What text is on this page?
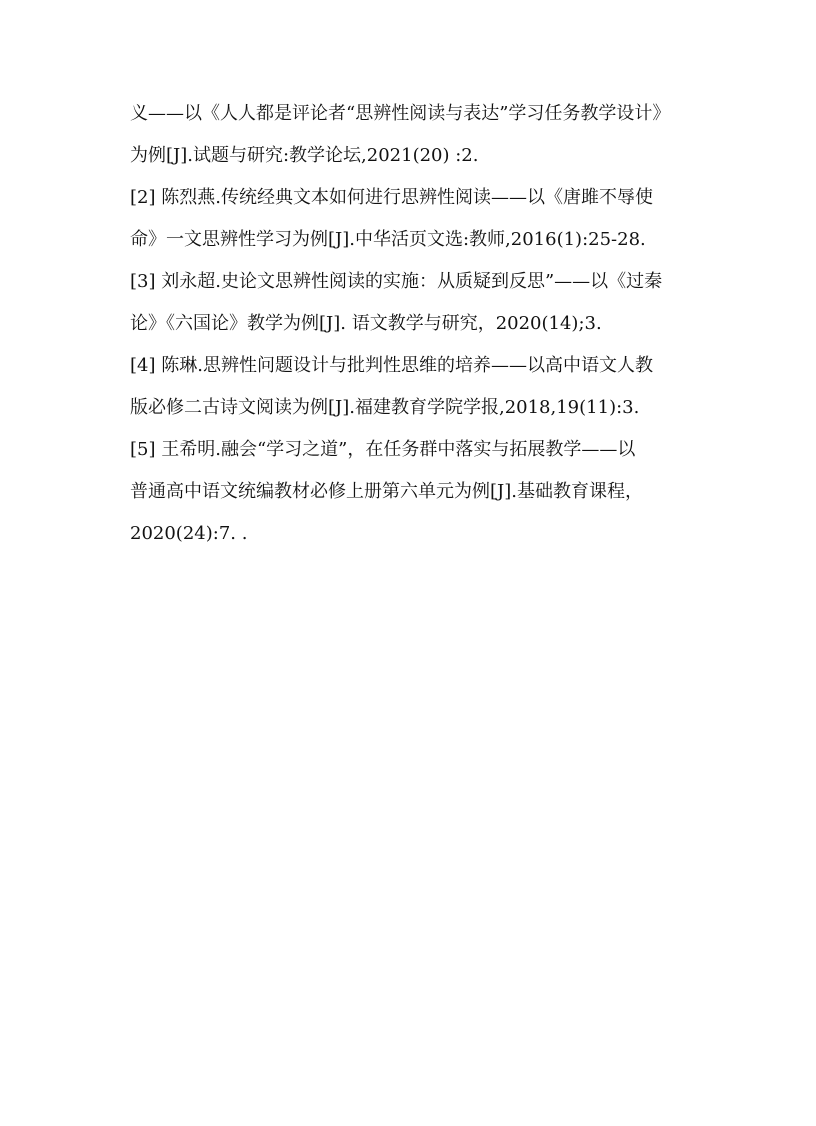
义——以《人人都是评论者“思辨性阅读与表达”学习任务教学设计》
为例[J].试题与研究:教学论坛,2021(20) :2.
[2] 陈烈燕.传统经典文本如何进行思辨性阅读——以《唐雎不辱使
命》一文思辨性学习为例[J].中华活页文选:教师,2016(1):25-28.
[3] 刘永超.史论文思辨性阅读的实施：从质疑到反思”——以《过秦
论》《六国论》教学为例[J]. 语文教学与研究，2020(14);3.
[4] 陈琳.思辨性问题设计与批判性思维的培养——以高中语文人教
版必修二古诗文阅读为例[J].福建教育学院学报,2018,19(11):3.
[5] 王希明.融会“学习之道”，在任务群中落实与拓展教学——以
普通高中语文统编教材必修上册第六单元为例[J].基础教育课程，
2020(24):7. .
